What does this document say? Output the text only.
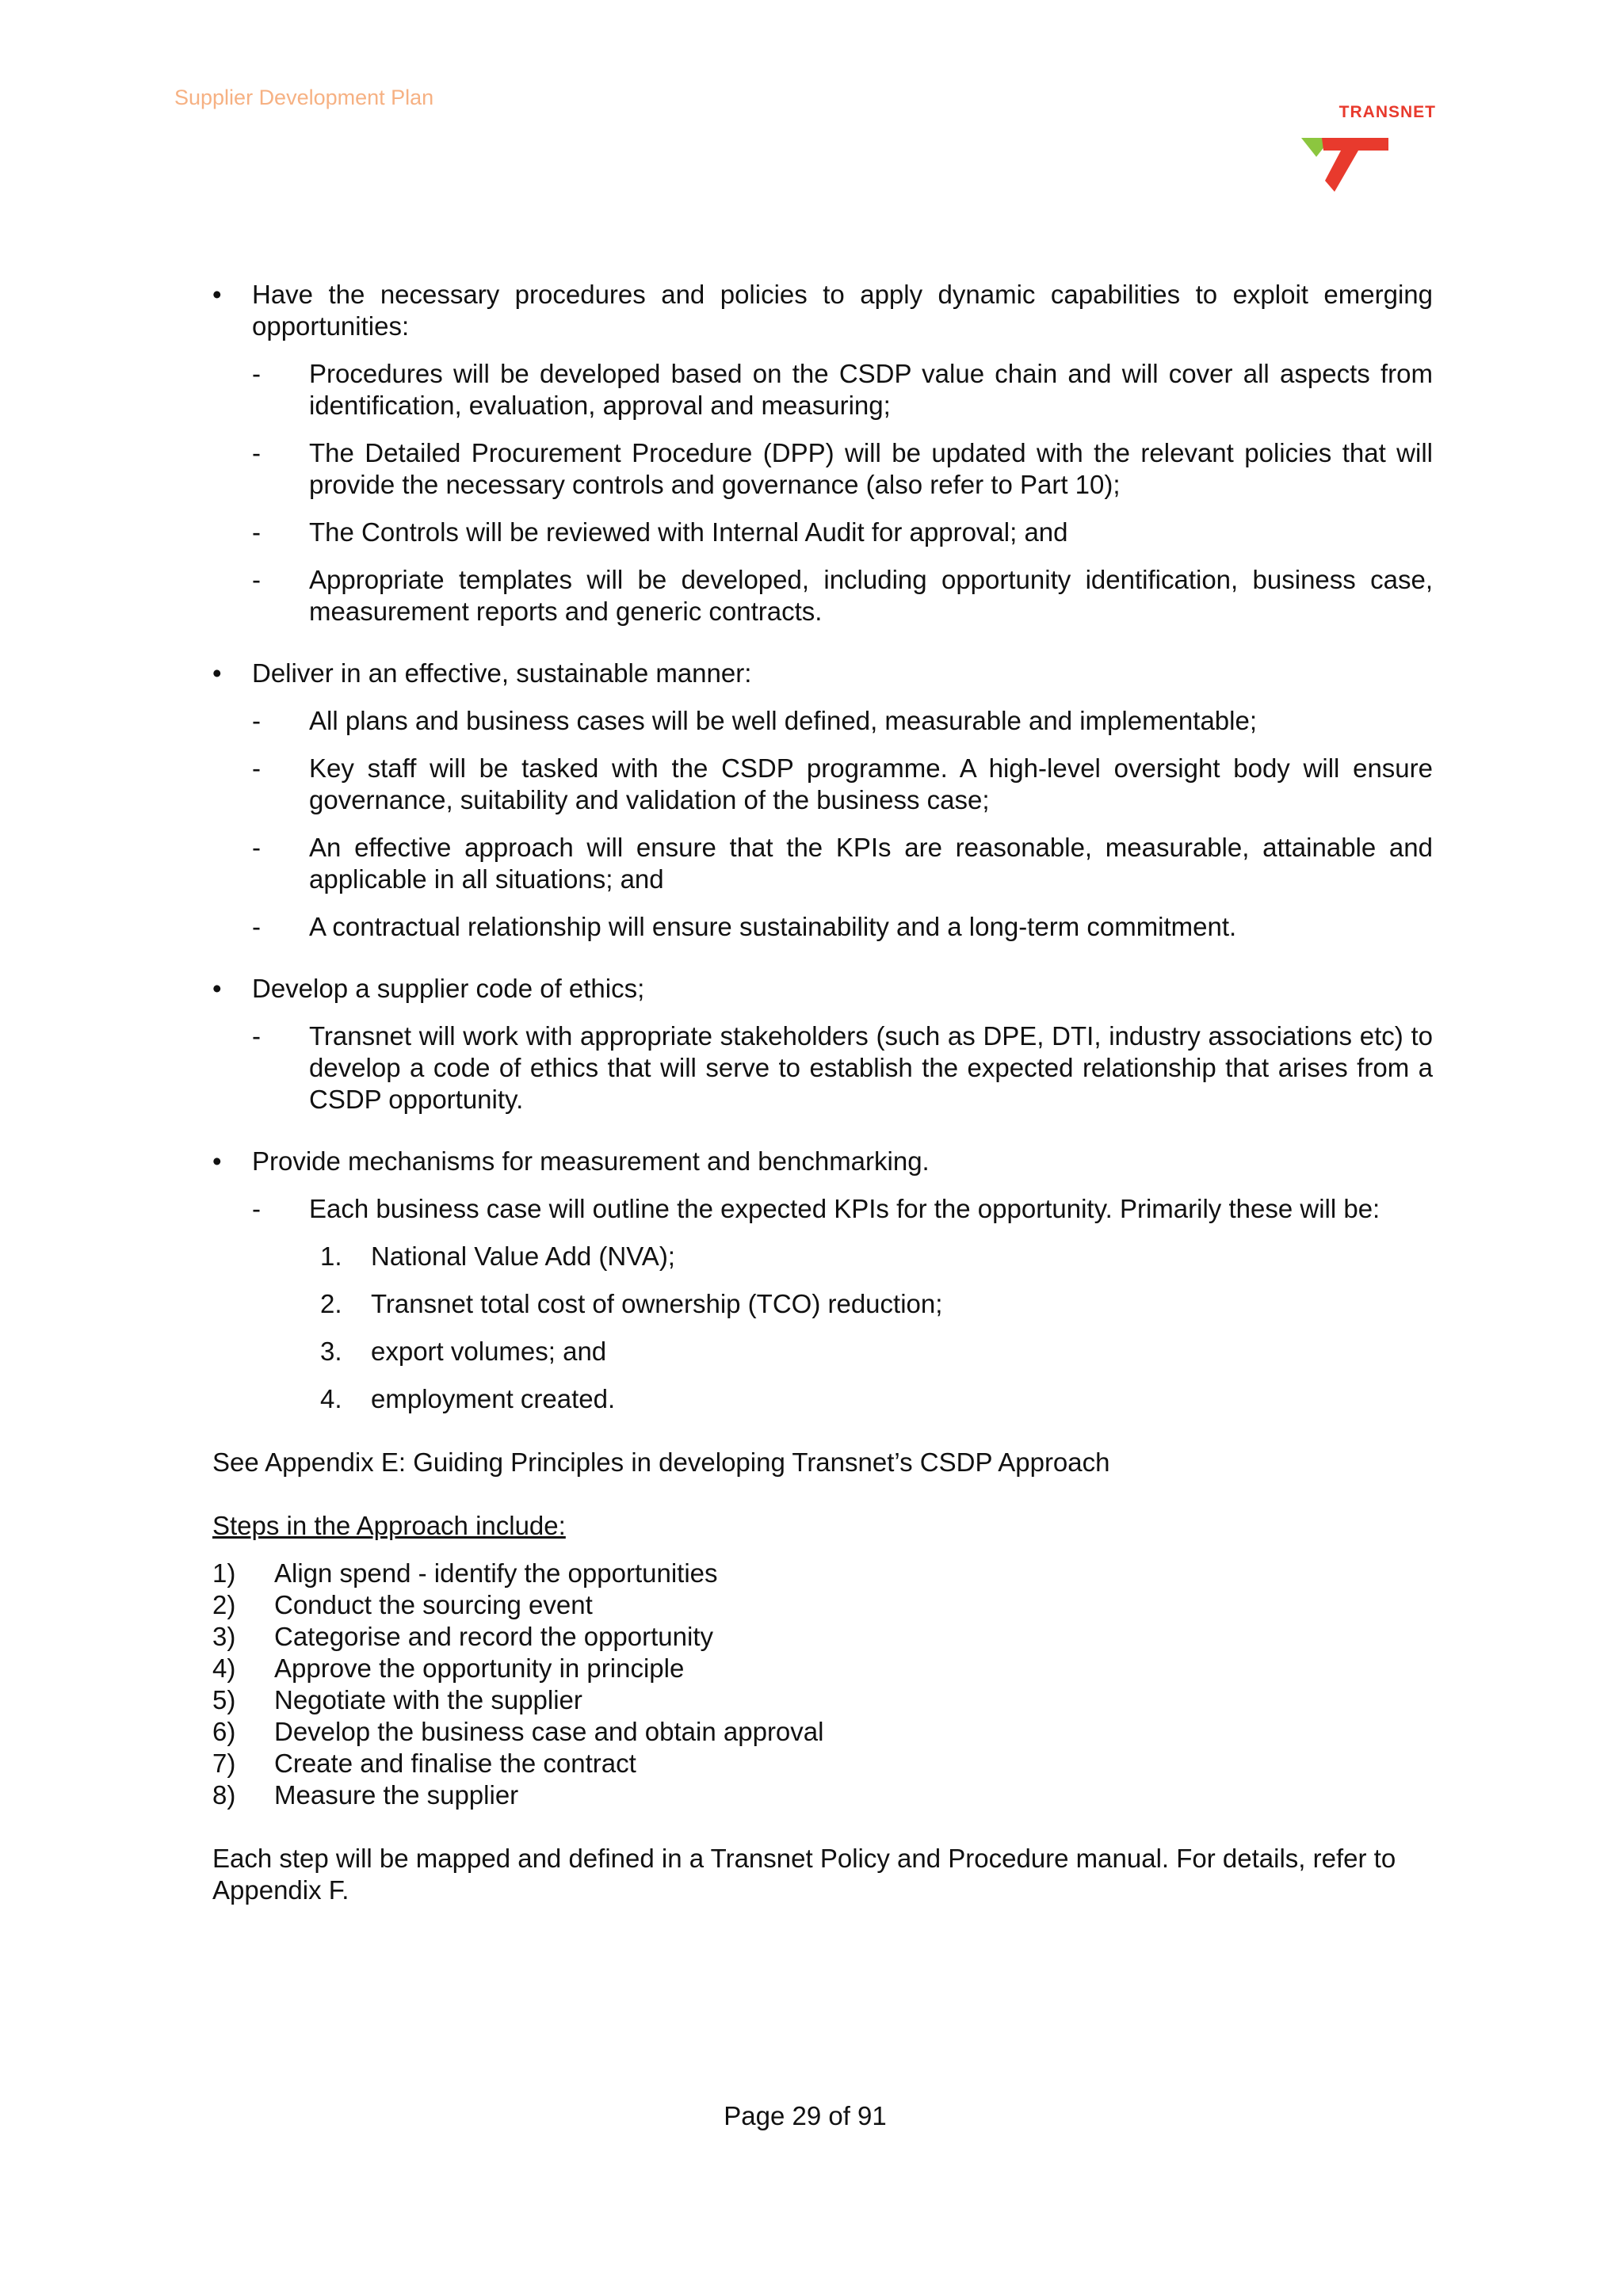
Supplier Development Plan
TRANSNET
•	Have the necessary procedures and policies to apply dynamic capabilities to exploit emerging opportunities:
- Procedures will be developed based on the CSDP value chain and will cover all aspects from identification, evaluation, approval and measuring;
- The Detailed Procurement Procedure (DPP) will be updated with the relevant policies that will provide the necessary controls and governance (also refer to Part 10);
- The Controls will be reviewed with Internal Audit for approval; and
- Appropriate templates will be developed, including opportunity identification, business case, measurement reports and generic contracts.
•	Deliver in an effective, sustainable manner:
- All plans and business cases will be well defined, measurable and implementable;
- Key staff will be tasked with the CSDP programme. A high-level oversight body will ensure governance, suitability and validation of the business case;
- An effective approach will ensure that the KPIs are reasonable, measurable, attainable and applicable in all situations; and
- A contractual relationship will ensure sustainability and a long-term commitment.
•	Develop a supplier code of ethics;
- Transnet will work with appropriate stakeholders (such as DPE, DTI, industry associations etc) to develop a code of ethics that will serve to establish the expected relationship that arises from a CSDP opportunity.
•	Provide mechanisms for measurement and benchmarking.
- Each business case will outline the expected KPIs for the opportunity. Primarily these will be:
1. National Value Add (NVA);
2. Transnet total cost of ownership (TCO) reduction;
3. export volumes; and
4. employment created.
See Appendix E: Guiding Principles in developing Transnet’s CSDP Approach
Steps in the Approach include:
1) Align spend - identify the opportunities
2) Conduct the sourcing event
3) Categorise and record the opportunity
4) Approve the opportunity in principle
5) Negotiate with the supplier
6) Develop the business case and obtain approval
7) Create and finalise the contract
8) Measure the supplier
Each step will be mapped and defined in a Transnet Policy and Procedure manual. For details, refer to Appendix F.
Page 29 of 91
